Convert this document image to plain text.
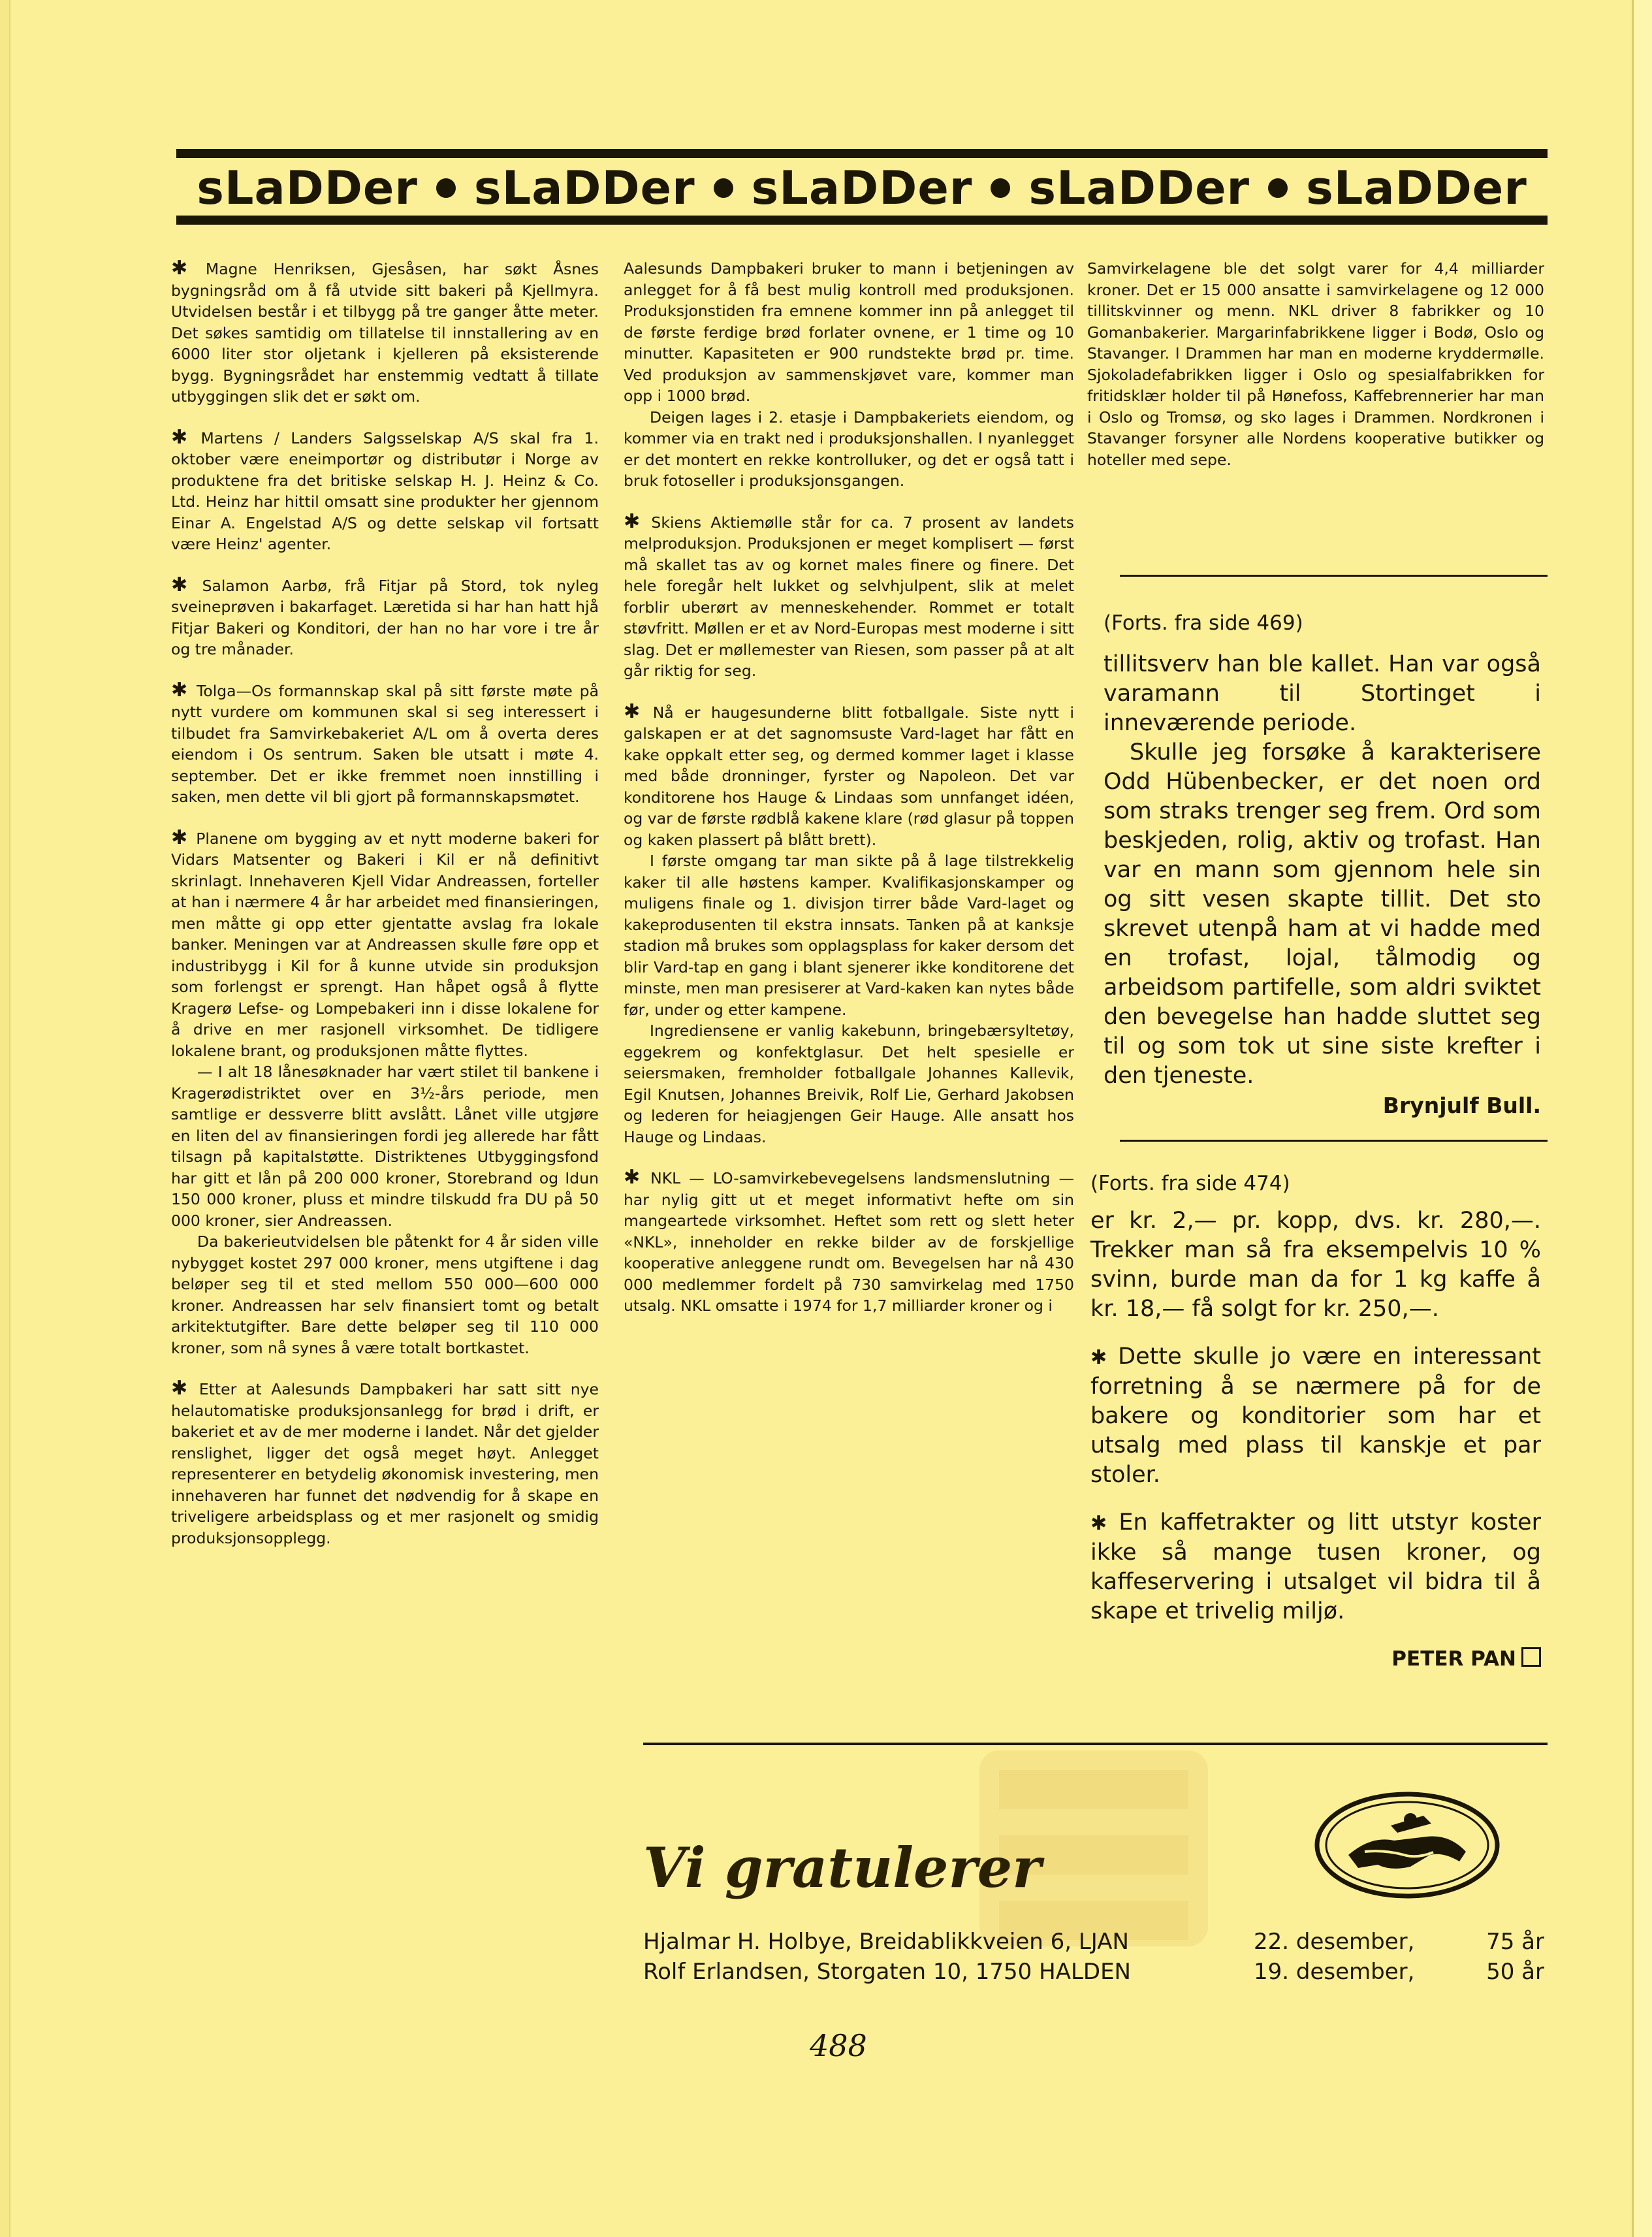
sLaDDer sLaDDer sLaDDer sLaDDer sLaDDer

✱ Magne Henriksen, Gjesåsen, har søkt Åsnes bygningsråd om å få utvide sitt bakeri på Kjellmyra. Utvidelsen består i et tilbygg på tre ganger åtte meter. Det søkes samtidig om tillatelse til innstallering av en 6000 liter stor oljetank i kjelleren på eksisterende bygg. Bygningsrådet har enstemmig vedtatt å tillate utbyggingen slik det er søkt om.

✱ Martens / Landers Salgsselskap A/S skal fra 1. oktober være eneimportør og distributør i Norge av produktene fra det britiske selskap H. J. Heinz & Co. Ltd. Heinz har hittil omsatt sine produkter her gjennom Einar A. Engelstad A/S og dette selskap vil fortsatt være Heinz' agenter.

✱ Salamon Aarbø, frå Fitjar på Stord, tok nyleg sveineprøven i bakarfaget. Læretida si har han hatt hjå Fitjar Bakeri og Konditori, der han no har vore i tre år og tre månader.

✱ Tolga—Os formannskap skal på sitt første møte på nytt vurdere om kommunen skal si seg interessert i tilbudet fra Samvirkebakeriet A/L om å overta deres eiendom i Os sentrum. Saken ble utsatt i møte 4. september. Det er ikke fremmet noen innstilling i saken, men dette vil bli gjort på formannskapsmøtet.

✱ Planene om bygging av et nytt moderne bakeri for Vidars Matsenter og Bakeri i Kil er nå definitivt skrinlagt. Innehaveren Kjell Vidar Andreassen, forteller at han i nærmere 4 år har arbeidet med finansieringen, men måtte gi opp etter gjentatte avslag fra lokale banker. Meningen var at Andreassen skulle føre opp et industribygg i Kil for å kunne utvide sin produksjon som forlengst er sprengt. Han håpet også å flytte Kragerø Lefse- og Lompebakeri inn i disse lokalene for å drive en mer rasjonell virksomhet. De tidligere lokalene brant, og produksjonen måtte flyttes.

— I alt 18 lånesøknader har vært stilet til bankene i Kragerødistriktet over en 3½-års periode, men samtlige er dessverre blitt avslått. Lånet ville utgjøre en liten del av finansieringen fordi jeg allerede har fått tilsagn på kapitalstøtte. Distriktenes Utbyggingsfond har gitt et lån på 200 000 kroner, Storebrand og Idun 150 000 kroner, pluss et mindre tilskudd fra DU på 50 000 kroner, sier Andreassen.

Da bakerieutvidelsen ble påtenkt for 4 år siden ville nybygget kostet 297 000 kroner, mens utgiftene i dag beløper seg til et sted mellom 550 000—600 000 kroner. Andreassen har selv finansiert tomt og betalt arkitektutgifter. Bare dette beløper seg til 110 000 kroner, som nå synes å være totalt bortkastet.

✱ Etter at Aalesunds Dampbakeri har satt sitt nye helautomatiske produksjonsanlegg for brød i drift, er bakeriet et av de mer moderne i landet. Når det gjelder renslighet, ligger det også meget høyt. Anlegget representerer en betydelig økonomisk investering, men innehaveren har funnet det nødvendig for å skape en triveligere arbeidsplass og et mer rasjonelt og smidig produksjonsopplegg.

Aalesunds Dampbakeri bruker to mann i betjeningen av anlegget for å få best mulig kontroll med produksjonen. Produksjonstiden fra emnene kommer inn på anlegget til de første ferdige brød forlater ovnene, er 1 time og 10 minutter. Kapasiteten er 900 rundstekte brød pr. time. Ved produksjon av sammenskjøvet vare, kommer man opp i 1000 brød.

Deigen lages i 2. etasje i Dampbakeriets eiendom, og kommer via en trakt ned i produksjonshallen. I nyanlegget er det montert en rekke kontrolluker, og det er også tatt i bruk fotoseller i produksjonsgangen.

✱ Skiens Aktiemølle står for ca. 7 prosent av landets melproduksjon. Produksjonen er meget komplisert — først må skallet tas av og kornet males finere og finere. Det hele foregår helt lukket og selvhjulpent, slik at melet forblir uberørt av menneskehender. Rommet er totalt støvfritt. Møllen er et av Nord-Europas mest moderne i sitt slag. Det er møllemester van Riesen, som passer på at alt går riktig for seg.

✱ Nå er haugesunderne blitt fotballgale. Siste nytt i galskapen er at det sagnomsuste Vard-laget har fått en kake oppkalt etter seg, og dermed kommer laget i klasse med både dronninger, fyrster og Napoleon. Det var konditorene hos Hauge & Lindaas som unnfanget idéen, og var de første rødblå kakene klare (rød glasur på toppen og kaken plassert på blått brett).

I første omgang tar man sikte på å lage tilstrekkelig kaker til alle høstens kamper. Kvalifikasjonskamper og muligens finale og 1. divisjon tirrer både Vard-laget og kakeprodusenten til ekstra innsats. Tanken på at kanksje stadion må brukes som opplagsplass for kaker dersom det blir Vard-tap en gang i blant sjenerer ikke konditorene det minste, men man presiserer at Vard-kaken kan nytes både før, under og etter kampene.

Ingrediensene er vanlig kakebunn, bringebærsyltetøy, eggekrem og konfektglasur. Det helt spesielle er seiersmaken, fremholder fotballgale Johannes Kallevik, Egil Knutsen, Johannes Breivik, Rolf Lie, Gerhard Jakobsen og lederen for heiagjengen Geir Hauge. Alle ansatt hos Hauge og Lindaas.

✱ NKL — LO-samvirkebevegelsens landsmenslutning — har nylig gitt ut et meget informativt hefte om sin mangeartede virksomhet. Heftet som rett og slett heter «NKL», inneholder en rekke bilder av de forskjellige kooperative anleggene rundt om. Bevegelsen har nå 430 000 medlemmer fordelt på 730 samvirkelag med 1750 utsalg. NKL omsatte i 1974 for 1,7 milliarder kroner og i

Samvirkelagene ble det solgt varer for 4,4 milliarder kroner. Det er 15 000 ansatte i samvirkelagene og 12 000 tillitskvinner og menn. NKL driver 8 fabrikker og 10 Gomanbakerier. Margarinfabrikkene ligger i Bodø, Oslo og Stavanger. I Drammen har man en moderne kryddermølle. Sjokoladefabrikken ligger i Oslo og spesialfabrikken for fritidsklær holder til på Hønefoss, Kaffebrennerier har man i Oslo og Tromsø, og sko lages i Drammen. Nordkronen i Stavanger forsyner alle Nordens kooperative butikker og hoteller med sepe.

(Forts. fra side 469)

tillitsverv han ble kallet. Han var også varamann til Stortinget i inneværende periode.

Skulle jeg forsøke å karakterisere Odd Hübenbecker, er det noen ord som straks trenger seg frem. Ord som beskjeden, rolig, aktiv og trofast. Han var en mann som gjennom hele sin og sitt vesen skapte tillit. Det sto skrevet utenpå ham at vi hadde med en trofast, lojal, tålmodig og arbeidsom partifelle, som aldri sviktet den bevegelse han hadde sluttet seg til og som tok ut sine siste krefter i den tjeneste.

Brynjulf Bull.

(Forts. fra side 474)

er kr. 2,— pr. kopp, dvs. kr. 280,—. Trekker man så fra eksempelvis 10 % svinn, burde man da for 1 kg kaffe å kr. 18,— få solgt for kr. 250,—.

✱ Dette skulle jo være en interessant forretning å se nærmere på for de bakere og konditorier som har et utsalg med plass til kanskje et par stoler.

✱ En kaffetrakter og litt utstyr koster ikke så mange tusen kroner, og kaffeservering i utsalget vil bidra til å skape et trivelig miljø.

PETER PAN

Vi gratulerer
Hjalmar H. Holbye, Breidablikkveien 6, LJAN	22. desember,	75 år
Rolf Erlandsen, Storgaten 10, 1750 HALDEN	19. desember,	50 år
488
